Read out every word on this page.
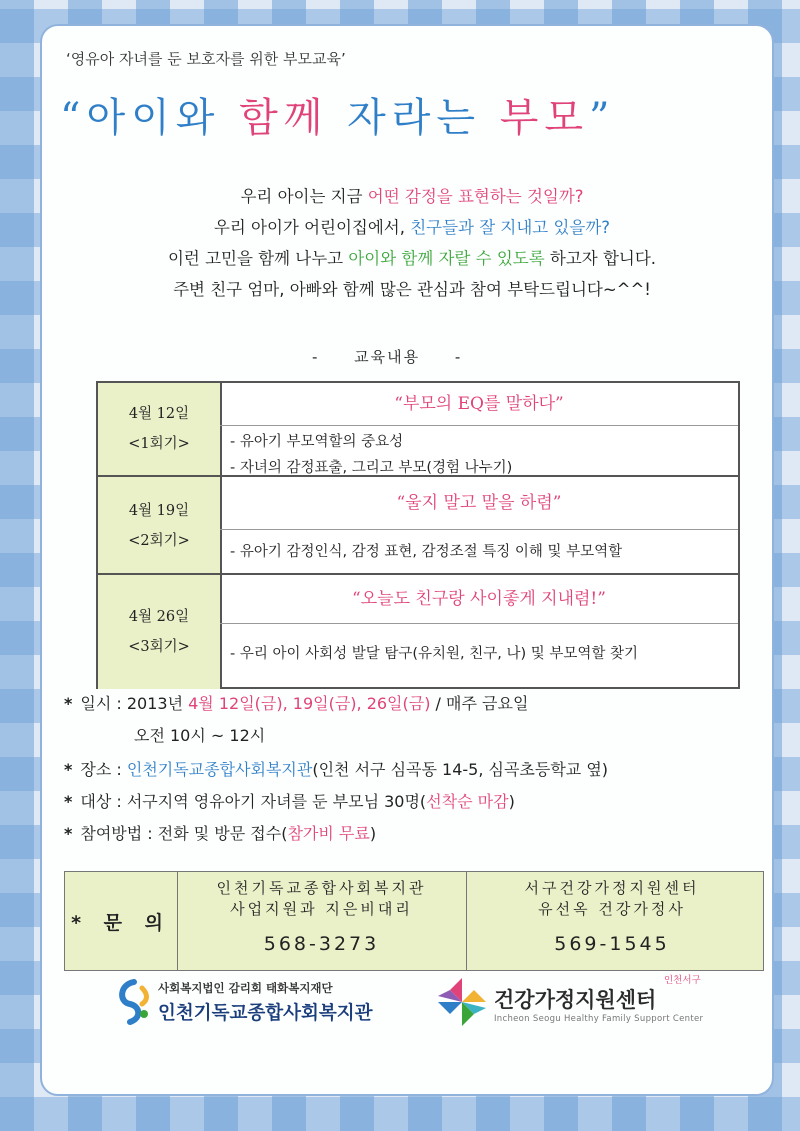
‘영유아 자녀를 둔 보호자를 위한 부모교육’
“아이와 함께 자라는 부모”
우리 아이는 지금 어떤 감정을 표현하는 것일까?
우리 아이가 어린이집에서, 친구들과 잘 지내고 있을까?
이런 고민을 함께 나누고 아이와 함께 자랄 수 있도록 하고자 합니다.
주변 친구 엄마, 아빠와 함께 많은 관심과 참여 부탁드립니다~^^!
- 교육내용 -
4월 12일
<1회기>
“부모의 EQ를 말하다”
- 유아기 부모역할의 중요성
- 자녀의 감정표출, 그리고 부모(경험 나누기)
4월 19일
<2회기>
“울지 말고 말을 하렴”
- 유아기 감정인식, 감정 표현, 감정조절 특징 이해 및 부모역할
4월 26일
<3회기>
“오늘도 친구랑 사이좋게 지내렴!”
- 우리 아이 사회성 발달 탐구(유치원, 친구, 나) 및 부모역할 찾기
* 일시 : 2013년 4월 12일(금), 19일(금), 26일(금) / 매주 금요일
오전 10시 ~ 12시
* 장소 : 인천기독교종합사회복지관(인천 서구 심곡동 14-5, 심곡초등학교 옆)
* 대상 : 서구지역 영유아기 자녀를 둔 부모님 30명(선착순 마감)
* 참여방법 : 전화 및 방문 접수(참가비 무료)
* 문 의
인천기독교종합사회복지관
사업지원과 지은비대리
568-3273
서구건강가정지원센터
유선옥 건강가정사
569-1545
사회복지법인 감리회 태화복지재단
인천기독교종합사회복지관
인천서구
건강가정지원센터
Incheon Seogu Healthy Family Support Center
